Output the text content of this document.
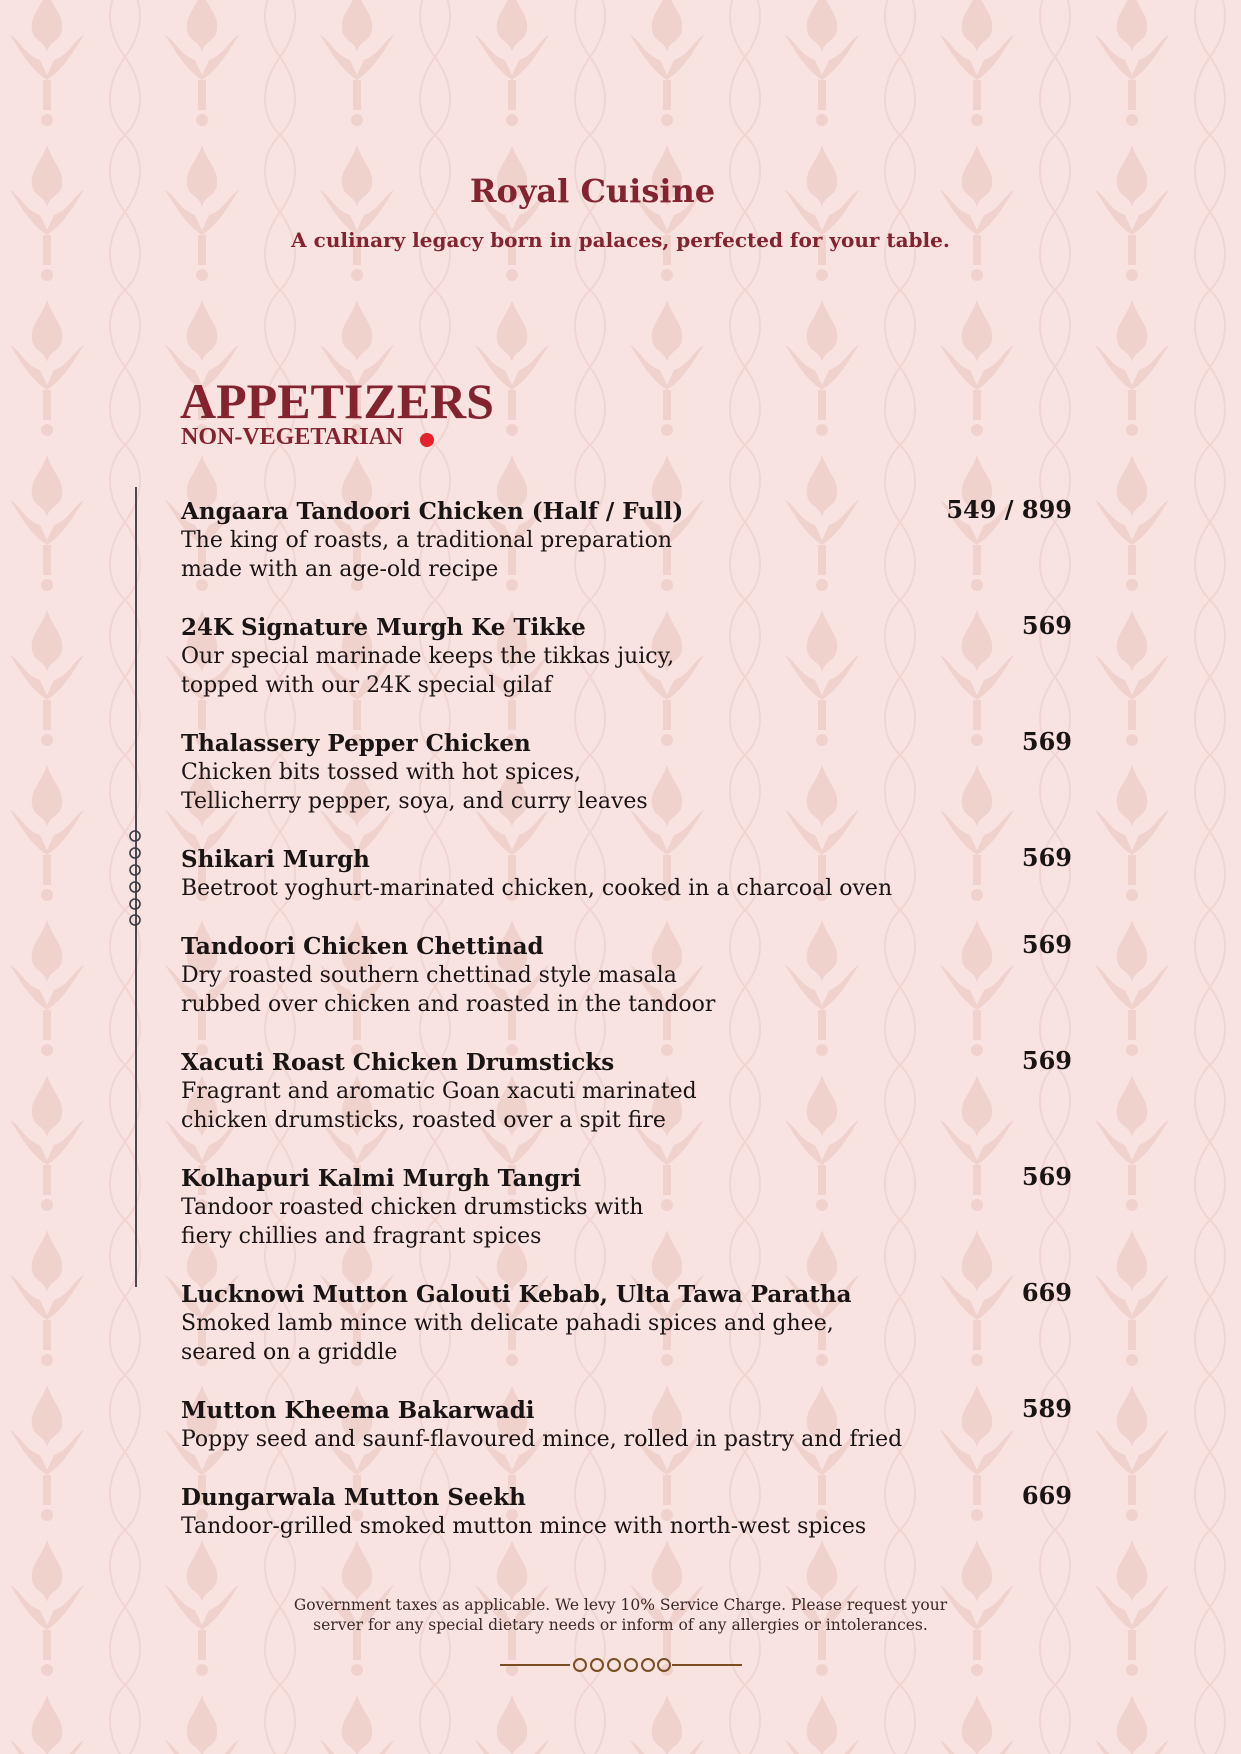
Royal Cuisine
A culinary legacy born in palaces, perfected for your table.
APPETIZERS
NON-VEGETARIAN
Angaara Tandoori Chicken (Half / Full)
The king of roasts, a traditional preparation
made with an age-old recipe
549 / 899
24K Signature Murgh Ke Tikke
Our special marinade keeps the tikkas juicy,
topped with our 24K special gilaf
569
Thalassery Pepper Chicken
Chicken bits tossed with hot spices,
Tellicherry pepper, soya, and curry leaves
569
Shikari Murgh
Beetroot yoghurt-marinated chicken, cooked in a charcoal oven
569
Tandoori Chicken Chettinad
Dry roasted southern chettinad style masala
rubbed over chicken and roasted in the tandoor
569
Xacuti Roast Chicken Drumsticks
Fragrant and aromatic Goan xacuti marinated
chicken drumsticks, roasted over a spit fire
569
Kolhapuri Kalmi Murgh Tangri
Tandoor roasted chicken drumsticks with
fiery chillies and fragrant spices
569
Lucknowi Mutton Galouti Kebab, Ulta Tawa Paratha
Smoked lamb mince with delicate pahadi spices and ghee,
seared on a griddle
669
Mutton Kheema Bakarwadi
Poppy seed and saunf-flavoured mince, rolled in pastry and fried
589
Dungarwala Mutton Seekh
Tandoor-grilled smoked mutton mince with north-west spices
669
Government taxes as applicable. We levy 10% Service Charge. Please request your
server for any special dietary needs or inform of any allergies or intolerances.
